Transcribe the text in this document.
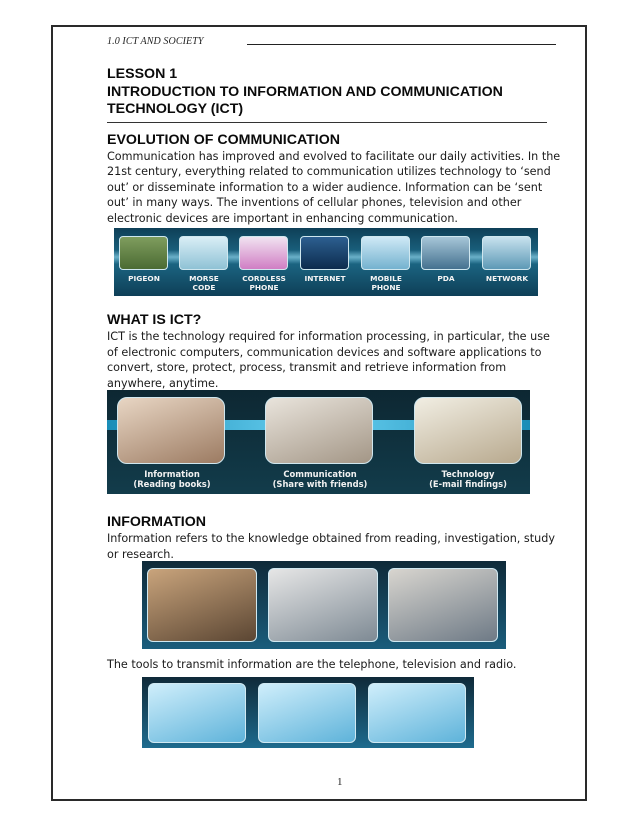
1.0 ICT AND SOCIETY
LESSON 1
INTRODUCTION TO INFORMATION AND COMMUNICATION
TECHNOLOGY (ICT)
EVOLUTION OF COMMUNICATION
Communication has improved and evolved to facilitate our daily activities. In the 21st century, everything related to communication utilizes technology to ‘send out’ or disseminate information to a wider audience. Information can be ‘sent out’ in many ways. The inventions of cellular phones, television and other electronic devices are important in enhancing communication.
PIGEON	MORSE
CODE
CORDLESS
PHONE
INTERNET	MOBILE
PHONE
PDA	NETWORK
WHAT IS ICT?
ICT is the technology required for information processing, in particular, the use of electronic computers, communication devices and software applications to convert, store, protect, process, transmit and retrieve information from anywhere, anytime.
Information
(Reading books)
Communication
(Share with friends)
Technology
(E-mail findings)
INFORMATION
Information refers to the knowledge obtained from reading, investigation, study or research.
The tools to transmit information are the telephone, television and radio.
1
